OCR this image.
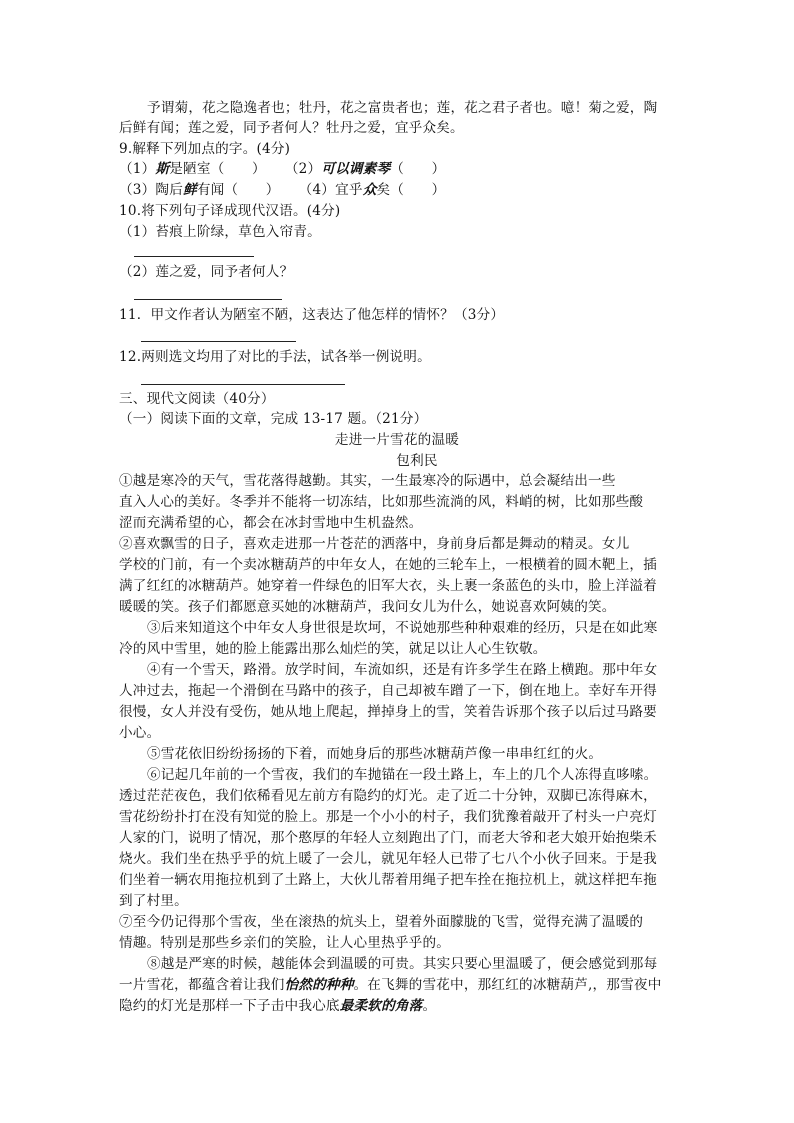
予谓菊，花之隐逸者也；牡丹，花之富贵者也；莲，花之君子者也。噫！菊之爱，陶
后鲜有闻；莲之爱，同予者何人？牡丹之爱，宜乎众矣。
9.解释下列加点的字。(4分)
（1）斯是陋室（　　） （2）可以调素琴（　　）
（3）陶后鲜有闻（　　） （4）宜乎众矣（　　）
10.将下列句子译成现代汉语。(4分)
（1）苔痕上阶绿，草色入帘青。
（2）莲之爱，同予者何人？
11．甲文作者认为陋室不陋，这表达了他怎样的情怀？（3分）
12.两则选文均用了对比的手法，试各举一例说明。
三、现代文阅读（40分）
（一）阅读下面的文章，完成 13-17 题。（21分）
走进一片雪花的温暖
包利民
①越是寒冷的天气，雪花落得越勤。其实，一生最寒冷的际遇中，总会凝结出一些
直入人心的美好。冬季并不能将一切冻结，比如那些流淌的风，料峭的树，比如那些酸
涩而充满希望的心，都会在冰封雪地中生机盎然。
②喜欢飘雪的日子，喜欢走进那一片苍茫的洒落中，身前身后都是舞动的精灵。女儿
学校的门前，有一个卖冰糖葫芦的中年女人，在她的三轮车上，一根横着的圆木靶上，插
满了红红的冰糖葫芦。她穿着一件绿色的旧军大衣，头上裹一条蓝色的头巾，脸上洋溢着
暖暖的笑。孩子们都愿意买她的冰糖葫芦，我问女儿为什么，她说喜欢阿姨的笑。
③后来知道这个中年女人身世很是坎坷，不说她那些种种艰难的经历，只是在如此寒
冷的风中雪里，她的脸上能露出那么灿烂的笑，就足以让人心生钦敬。
④有一个雪天，路滑。放学时间，车流如织，还是有许多学生在路上横跑。那中年女
人冲过去，拖起一个滑倒在马路中的孩子，自己却被车蹭了一下，倒在地上。幸好车开得
很慢，女人并没有受伤，她从地上爬起，掸掉身上的雪，笑着告诉那个孩子以后过马路要
小心。
⑤雪花依旧纷纷扬扬的下着，而她身后的那些冰糖葫芦像一串串红红的火。
⑥记起几年前的一个雪夜，我们的车抛锚在一段土路上，车上的几个人冻得直哆嗦。
透过茫茫夜色，我们依稀看见左前方有隐约的灯光。走了近二十分钟，双脚已冻得麻木，
雪花纷纷扑打在没有知觉的脸上。那是一个小小的村子，我们犹豫着敲开了村头一户亮灯
人家的门，说明了情况，那个憨厚的年轻人立刻跑出了门，而老大爷和老大娘开始抱柴禾
烧火。我们坐在热乎乎的炕上暖了一会儿，就见年轻人已带了七八个小伙子回来。于是我
们坐着一辆农用拖拉机到了土路上，大伙儿帮着用绳子把车拴在拖拉机上，就这样把车拖
到了村里。
⑦至今仍记得那个雪夜，坐在滚热的炕头上，望着外面朦胧的飞雪，觉得充满了温暖的
情趣。特别是那些乡亲们的笑脸，让人心里热乎乎的。
⑧越是严寒的时候，越能体会到温暖的可贵。其实只要心里温暖了，便会感觉到那每
一片雪花，都蕴含着让我们怡然的种种。在飞舞的雪花中，那红红的冰糖葫芦,，那雪夜中
隐约的灯光是那样一下子击中我心底最柔软的角落。
